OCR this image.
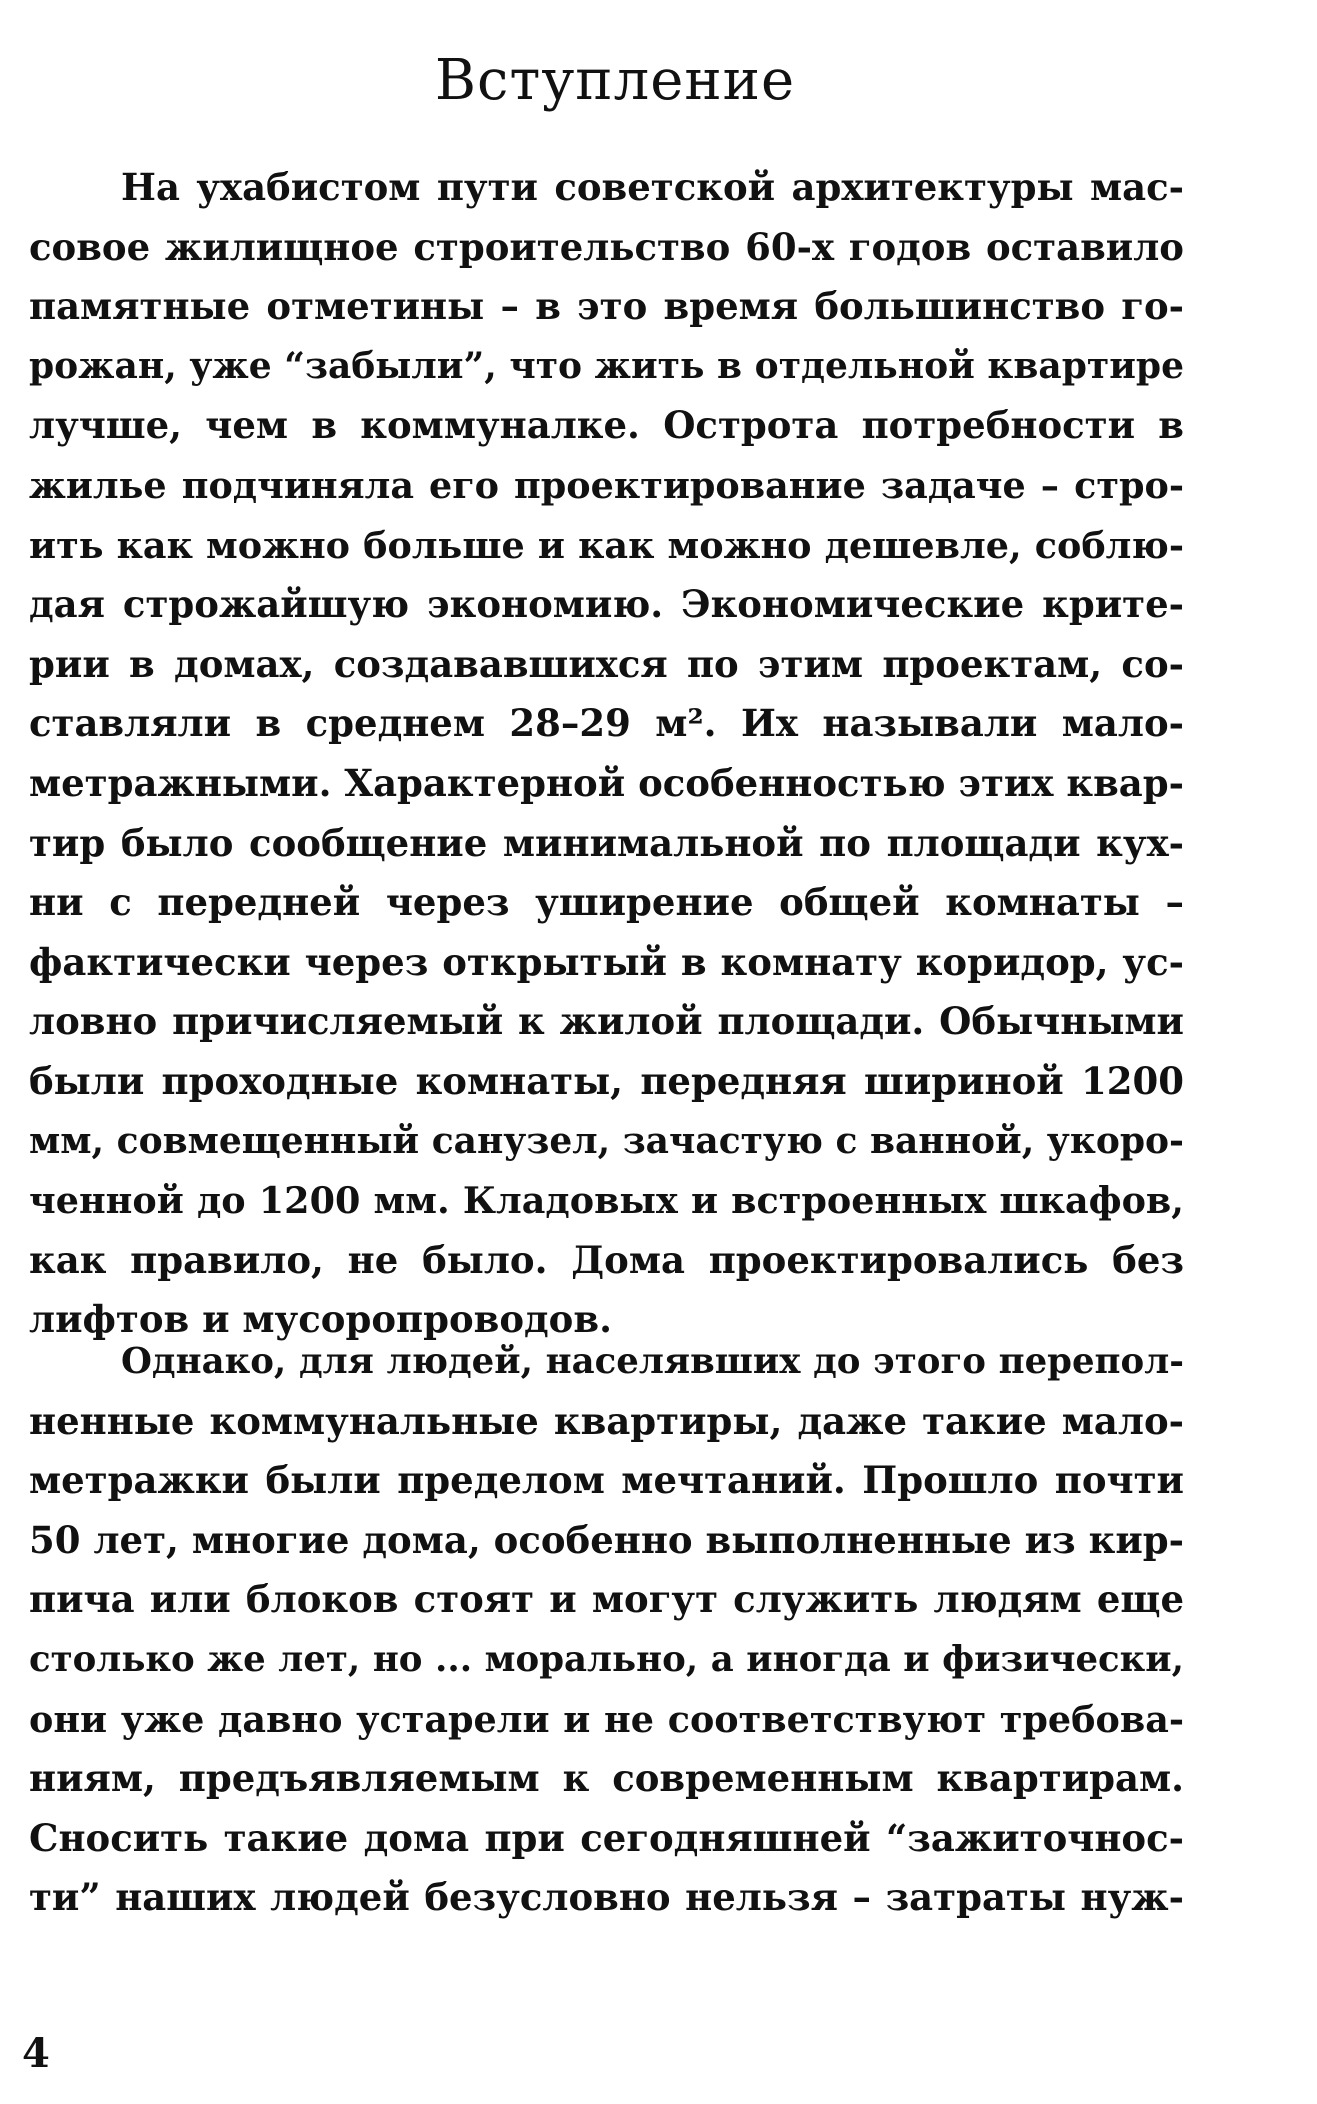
Вступление

На ухабистом пути советской архитектуры мас-
совое жилищное строительство 60-х годов оставило
памятные отметины – в это время большинство го-
рожан, уже “забыли”, что жить в отдельной квартире
лучше, чем в коммуналке. Острота потребности в
жилье подчиняла его проектирование задаче – стро-
ить как можно больше и как можно дешевле, соблю-
дая строжайшую экономию. Экономические крите-
рии в домах, создававшихся по этим проектам, со-
ставляли в среднем 28–29 м². Их называли мало-
метражными. Характерной особенностью этих квар-
тир было сообщение минимальной по площади кух-
ни с передней через уширение общей комнаты –
фактически через открытый в комнату коридор, ус-
ловно причисляемый к жилой площади. Обычными
были проходные комнаты, передняя шириной 1200
мм, совмещенный санузел, зачастую с ванной, укоро-
ченной до 1200 мм. Кладовых и встроенных шкафов,
как правило, не было. Дома проектировались без
лифтов и мусоропроводов.

Однако, для людей, населявших до этого перепол-
ненные коммунальные квартиры, даже такие мало-
метражки были пределом мечтаний. Прошло почти
50 лет, многие дома, особенно выполненные из кир-
пича или блоков стоят и могут служить людям еще
столько же лет, но ... морально, а иногда и физически,
они уже давно устарели и не соответствуют требова-
ниям, предъявляемым к современным квартирам.
Сносить такие дома при сегодняшней “зажиточнос-
ти” наших людей безусловно нельзя – затраты нуж-

4
